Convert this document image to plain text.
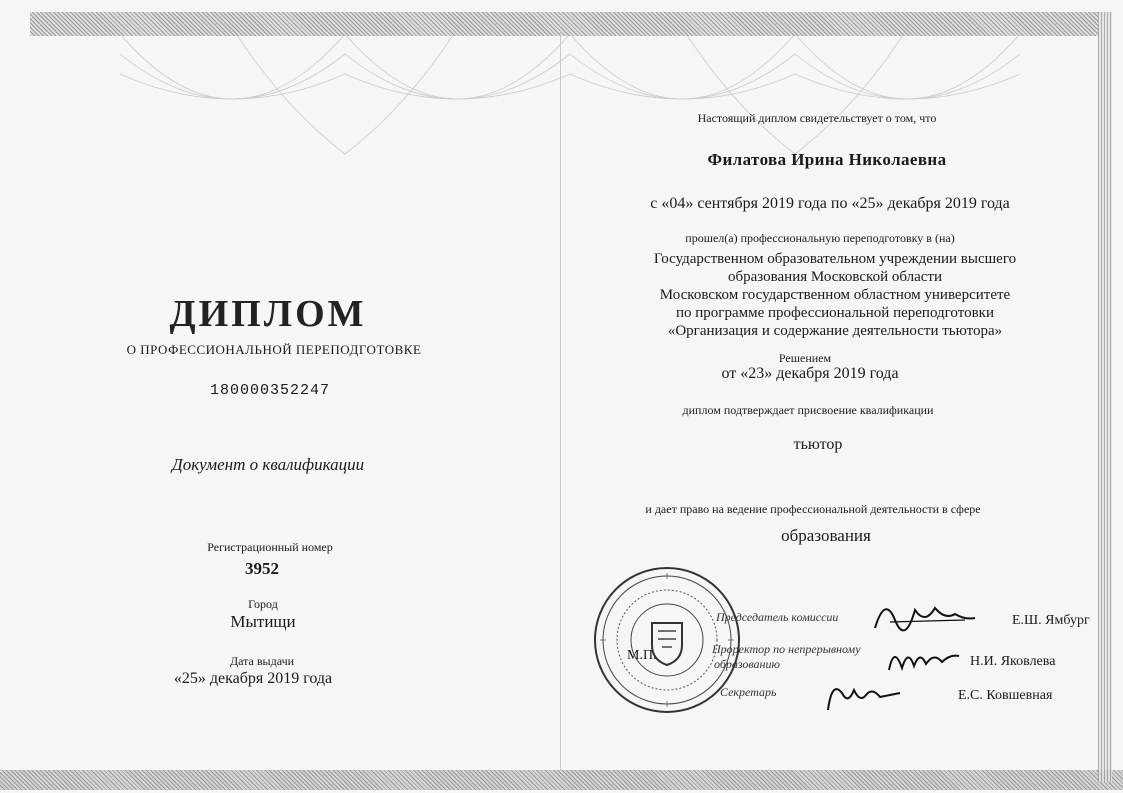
ДИПЛОМ
О ПРОФЕССИОНАЛЬНОЙ ПЕРЕПОДГОТОВКЕ
180000352247
Документ о квалификации
Регистрационный номер
3952
Город
Мытищи
Дата выдачи
«25» декабря 2019 года
Настоящий диплом свидетельствует о том, что
Филатова Ирина Николаевна
с «04» сентября 2019 года по «25» декабря 2019 года
прошел(а) профессиональную переподготовку в (на)
Государственном образовательном учреждении высшего
образования Московской области
Московском государственном областном университете
по программе профессиональной переподготовки
«Организация и содержание деятельности тьютора»
Решением
от «23» декабря 2019 года
диплом подтверждает присвоение квалификации
тьютор
и дает право на ведение профессиональной деятельности в сфере
образования
М.П.
Председатель комиссии	Е.Ш. Ямбург
Проректор по непрерывному
образованию	Н.И. Яковлева
Секретарь	Е.С. Ковшевная
